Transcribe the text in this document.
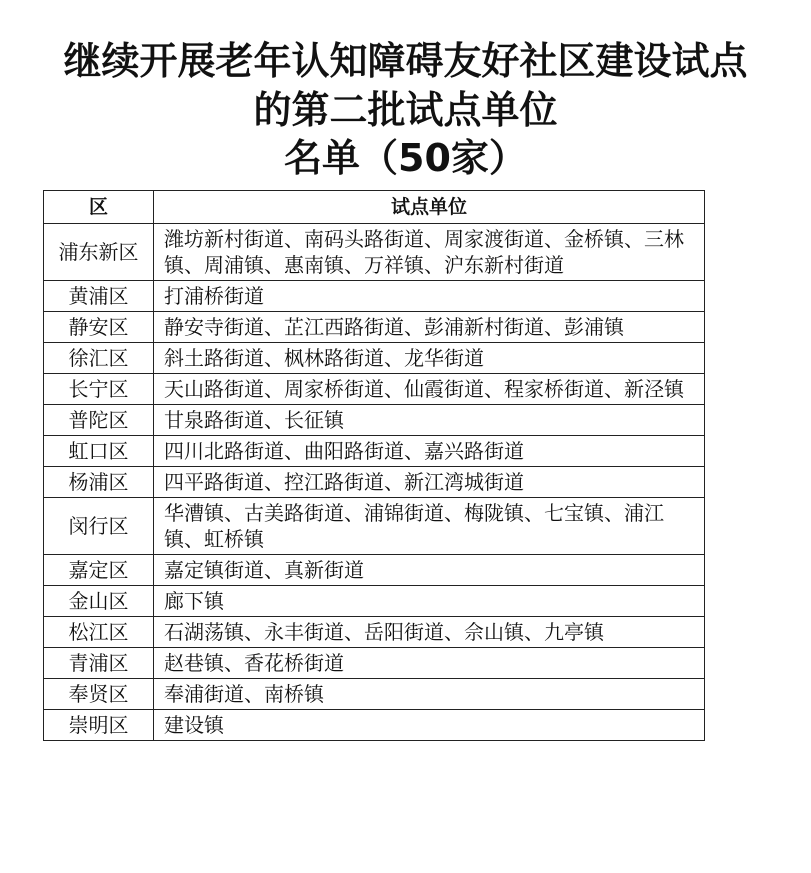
继续开展老年认知障碍友好社区建设试点
的第二批试点单位
名单（50家）
区	试点单位
浦东新区	潍坊新村街道、南码头路街道、周家渡街道、金桥镇、三林镇、周浦镇、惠南镇、万祥镇、沪东新村街道
黄浦区	打浦桥街道
静安区	静安寺街道、芷江西路街道、彭浦新村街道、彭浦镇
徐汇区	斜土路街道、枫林路街道、龙华街道
长宁区	天山路街道、周家桥街道、仙霞街道、程家桥街道、新泾镇
普陀区	甘泉路街道、长征镇
虹口区	四川北路街道、曲阳路街道、嘉兴路街道
杨浦区	四平路街道、控江路街道、新江湾城街道
闵行区	华漕镇、古美路街道、浦锦街道、梅陇镇、七宝镇、浦江镇、虹桥镇
嘉定区	嘉定镇街道、真新街道
金山区	廊下镇
松江区	石湖荡镇、永丰街道、岳阳街道、佘山镇、九亭镇
青浦区	赵巷镇、香花桥街道
奉贤区	奉浦街道、南桥镇
崇明区	建设镇
